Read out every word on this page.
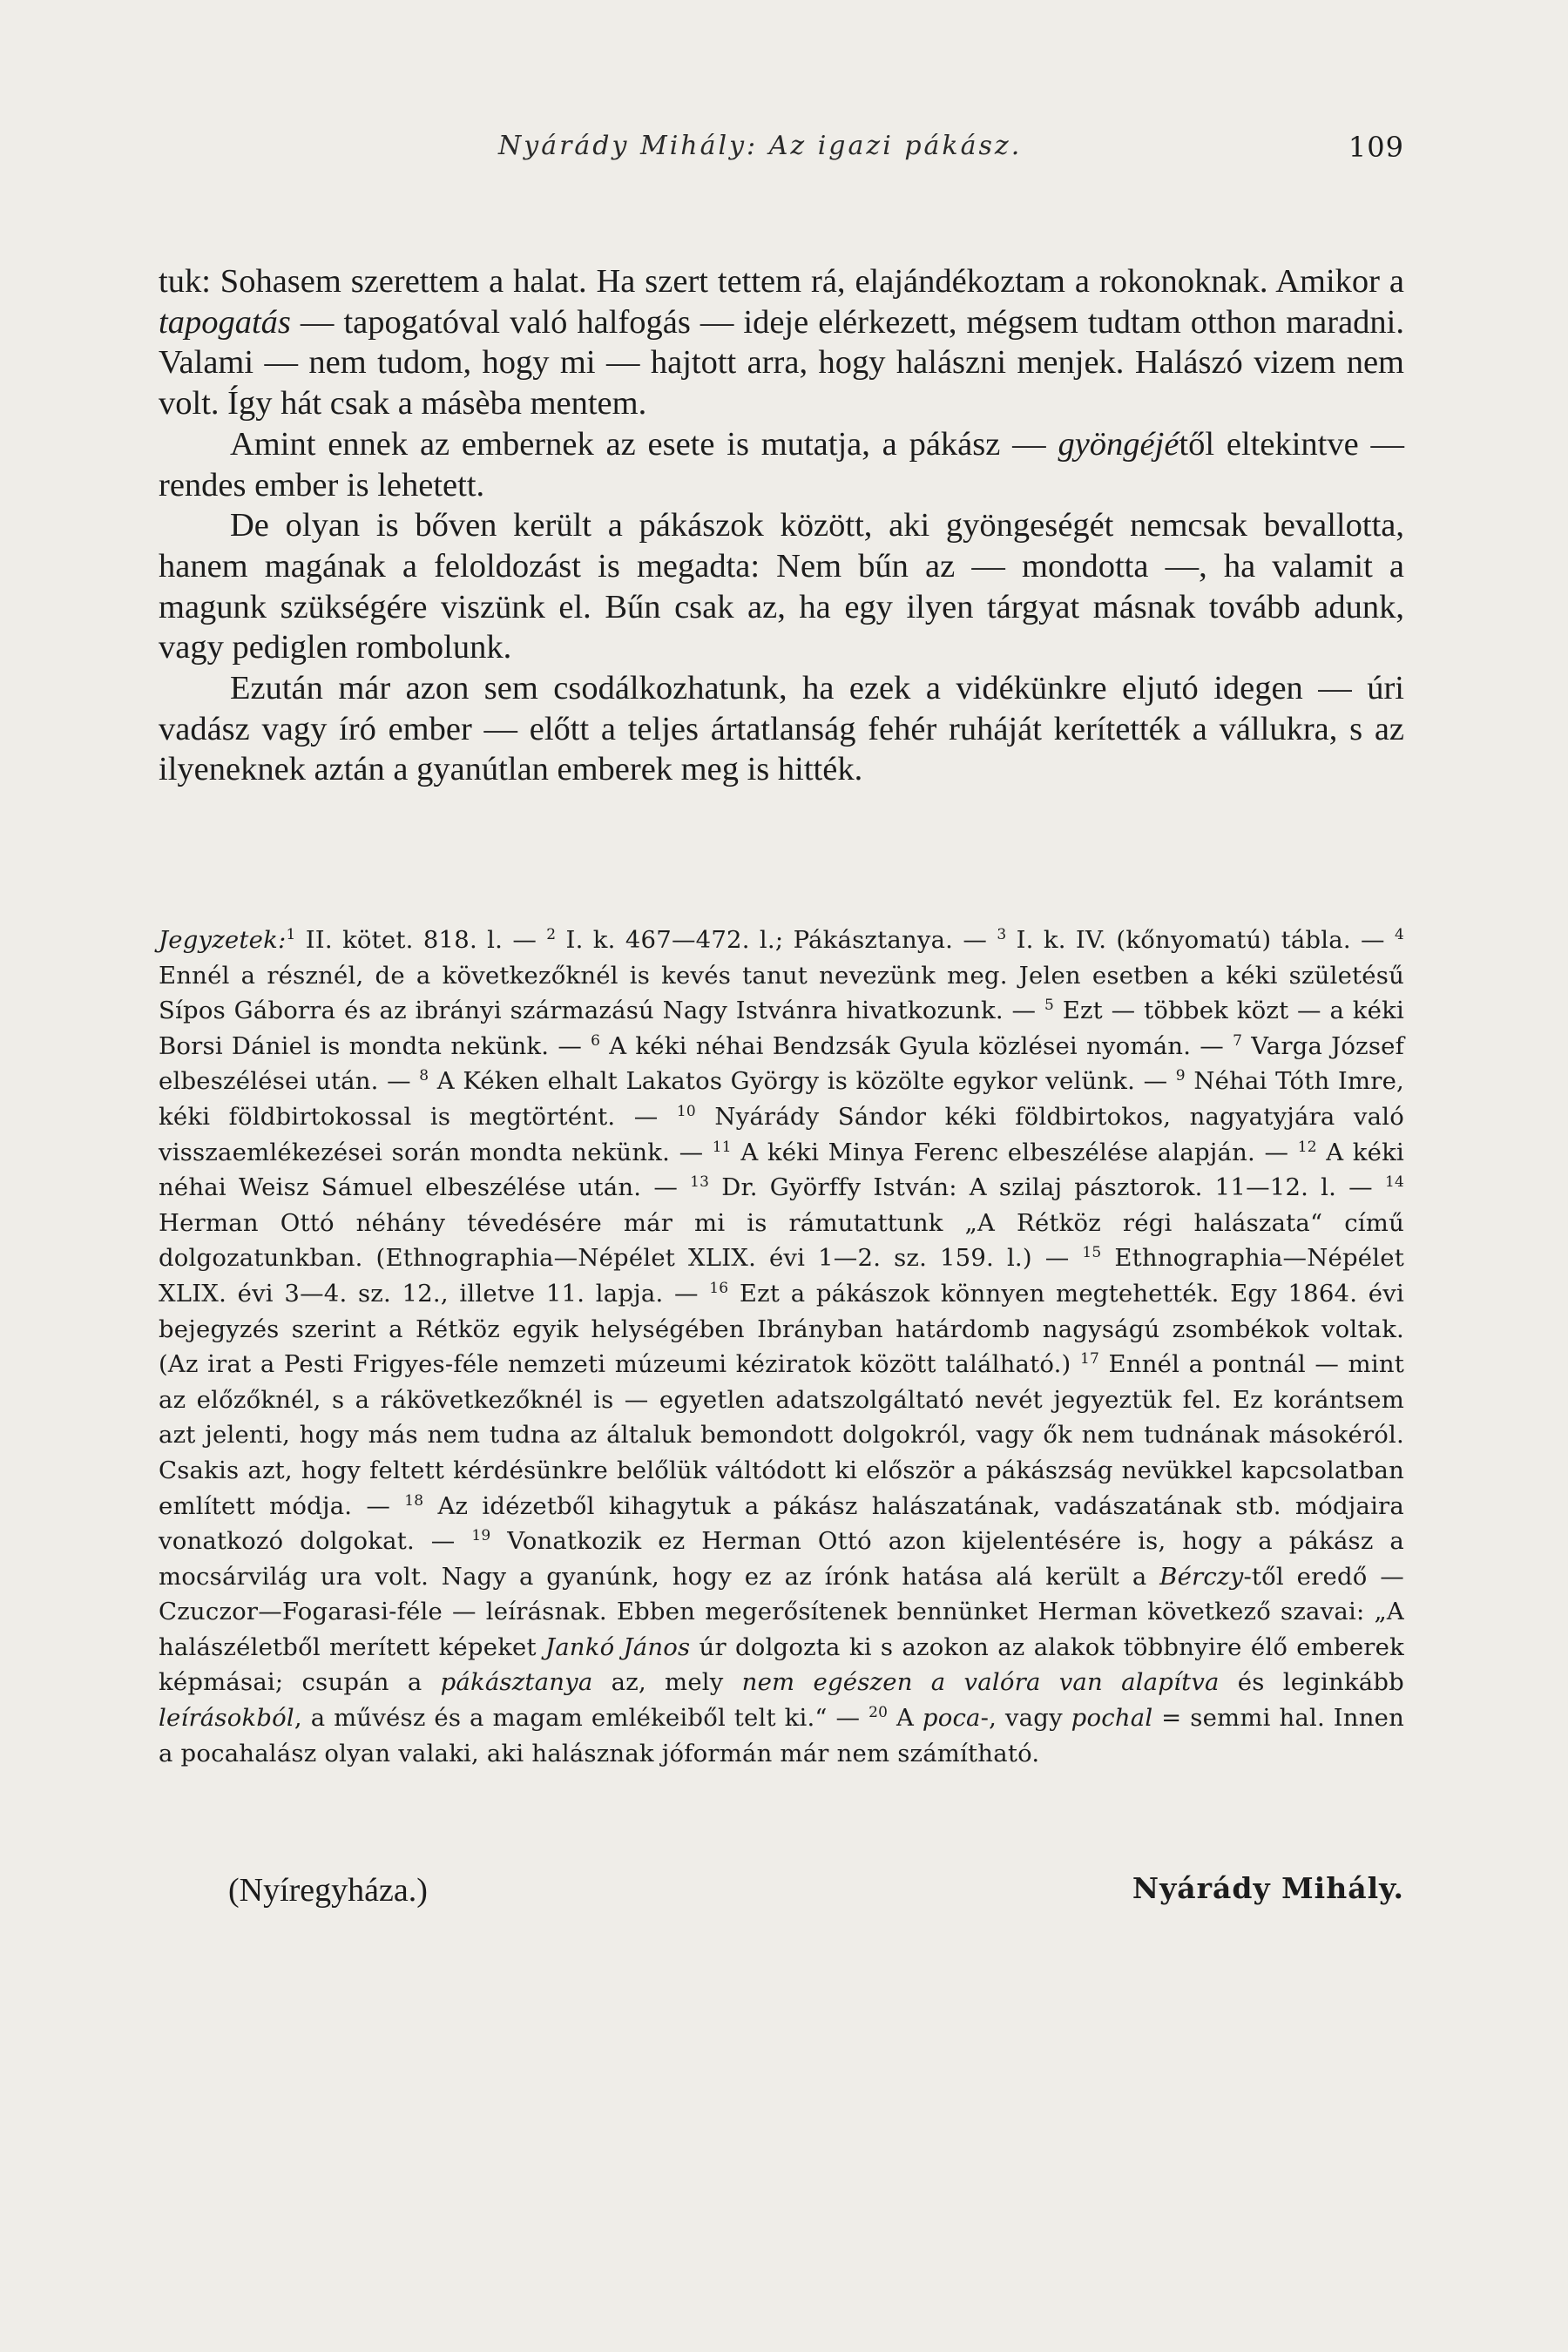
Nyárády Mihály: Az igazi pákász.	109

tuk: Sohasem szerettem a halat. Ha szert tettem rá, elajándékoztam a rokonoknak. Amikor a tapogatás — tapogatóval való halfogás — ideje elérkezett, mégsem tudtam otthon maradni. Valami — nem tudom, hogy mi — hajtott arra, hogy halászni menjek. Halászó vizem nem volt. Így hát csak a másèba mentem.

Amint ennek az embernek az esete is mutatja, a pákász — gyöngéjétől eltekintve — rendes ember is lehetett.

De olyan is bőven került a pákászok között, aki gyöngeségét nemcsak bevallotta, hanem magának a feloldozást is megadta: Nem bűn az — mondotta —, ha valamit a magunk szükségére viszünk el. Bűn csak az, ha egy ilyen tárgyat másnak tovább adunk, vagy pediglen rombolunk.

Ezután már azon sem csodálkozhatunk, ha ezek a vidékünkre eljutó idegen — úri vadász vagy író ember — előtt a teljes ártatlanság fehér ruháját kerítették a vállukra, s az ilyeneknek aztán a gyanútlan emberek meg is hitték.

Jegyzetek:$^1$ II. kötet. 818. l. — $^2$ I. k. 467—472. l.; Pákásztanya. — $^3$ I. k. IV. (kőnyomatú) tábla. — $^4$ Ennél a résznél, de a következőknél is kevés tanut nevezünk meg. Jelen esetben a kéki születésű Sípos Gáborra és az ibrányi származású Nagy Istvánra hivatkozunk. — $^5$ Ezt — többek közt — a kéki Borsi Dániel is mondta nekünk. — $^6$ A kéki néhai Bendzsák Gyula közlései nyomán. — $^7$ Varga József elbeszélései után. — $^8$ A Kéken elhalt Lakatos György is közölte egykor velünk. — $^9$ Néhai Tóth Imre, kéki földbirtokossal is megtörtént. — $^{10}$ Nyárády Sándor kéki földbirtokos, nagyatyjára való visszaemlékezései során mondta nekünk. — $^{11}$ A kéki Minya Ferenc elbeszélése alapján. — $^{12}$ A kéki néhai Weisz Sámuel elbeszélése után. — $^{13}$ Dr. Györffy István: A szilaj pásztorok. 11—12. l. — $^{14}$ Herman Ottó néhány tévedésére már mi is rámutattunk „A Rétköz régi halászata“ című dolgozatunkban. (Ethnographia—Népélet XLIX. évi 1—2. sz. 159. l.) — $^{15}$ Ethnographia—Népélet XLIX. évi 3—4. sz. 12., illetve 11. lapja. — $^{16}$ Ezt a pákászok könnyen megtehették. Egy 1864. évi bejegyzés szerint a Rétköz egyik helységében Ibrányban határdomb nagyságú zsombékok voltak. (Az irat a Pesti Frigyes-féle nemzeti múzeumi kéziratok között található.) $^{17}$ Ennél a pontnál — mint az előzőknél, s a rákövetkezőknél is — egyetlen adatszolgáltató nevét jegyeztük fel. Ez korántsem azt jelenti, hogy más nem tudna az általuk bemondott dolgokról, vagy ők nem tudnának másokéról. Csakis azt, hogy feltett kérdésünkre belőlük váltódott ki először a pákászság nevükkel kapcsolatban említett módja. — $^{18}$ Az idézetből kihagytuk a pákász halászatának, vadászatának stb. módjaira vonatkozó dolgokat. — $^{19}$ Vonatkozik ez Herman Ottó azon kijelentésére is, hogy a pákász a mocsárvilág ura volt. Nagy a gyanúnk, hogy ez az írónk hatása alá került a Bérczy-től eredő — Czuczor—Fogarasi-féle — leírásnak. Ebben megerősítenek bennünket Herman következő szavai: „A halászéletből merített képeket Jankó János úr dolgozta ki s azokon az alakok többnyire élő emberek képmásai; csupán a pákásztanya az, mely nem egészen a valóra van alapítva és leginkább leírásokból, a művész és a magam emlékeiből telt ki.“ — $^{20}$ A poca-, vagy pochal = semmi hal. Innen a pocahalász olyan valaki, aki halásznak jóformán már nem számítható.
(Nyíregyháza.)	Nyárády Mihály.
